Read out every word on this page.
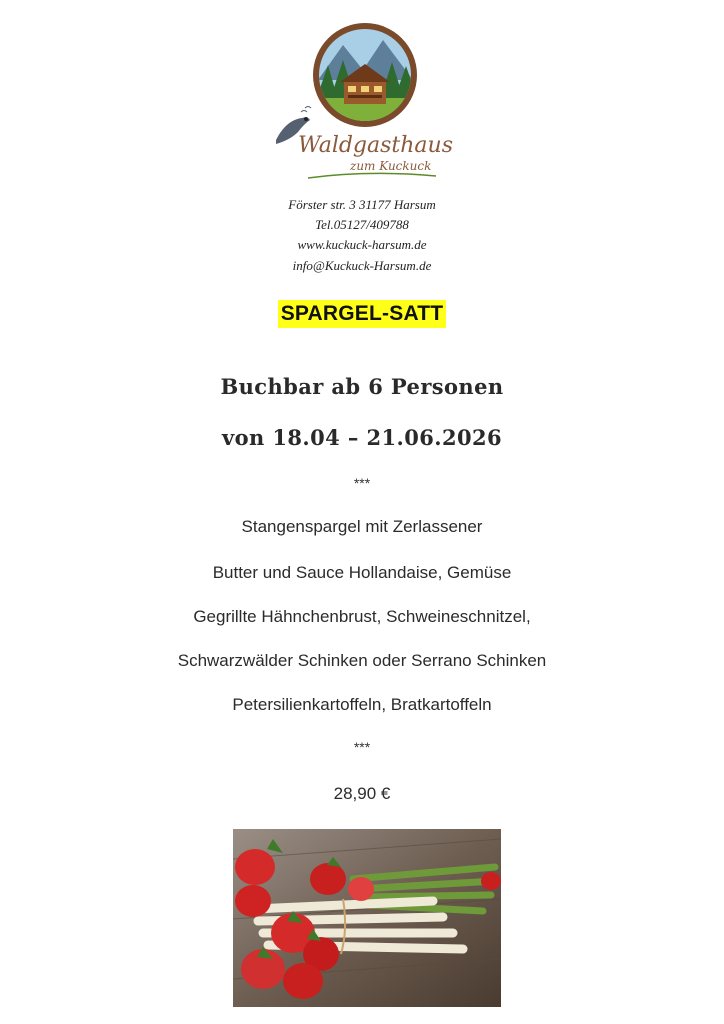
Waldgasthaus
zum Kuckuck
Förster str. 3 31177 Harsum
Tel.05127/409788
www.kuckuck-harsum.de
info@Kuckuck-Harsum.de
SPARGEL-SATT
Buchbar ab 6 Personen
von 18.04 – 21.06.2026
***
Stangenspargel mit Zerlassener
Butter und Sauce Hollandaise, Gemüse
Gegrillte Hähnchenbrust, Schweineschnitzel,
Schwarzwälder Schinken oder Serrano Schinken
Petersilienkartoffeln, Bratkartoffeln
***
28,90 €
